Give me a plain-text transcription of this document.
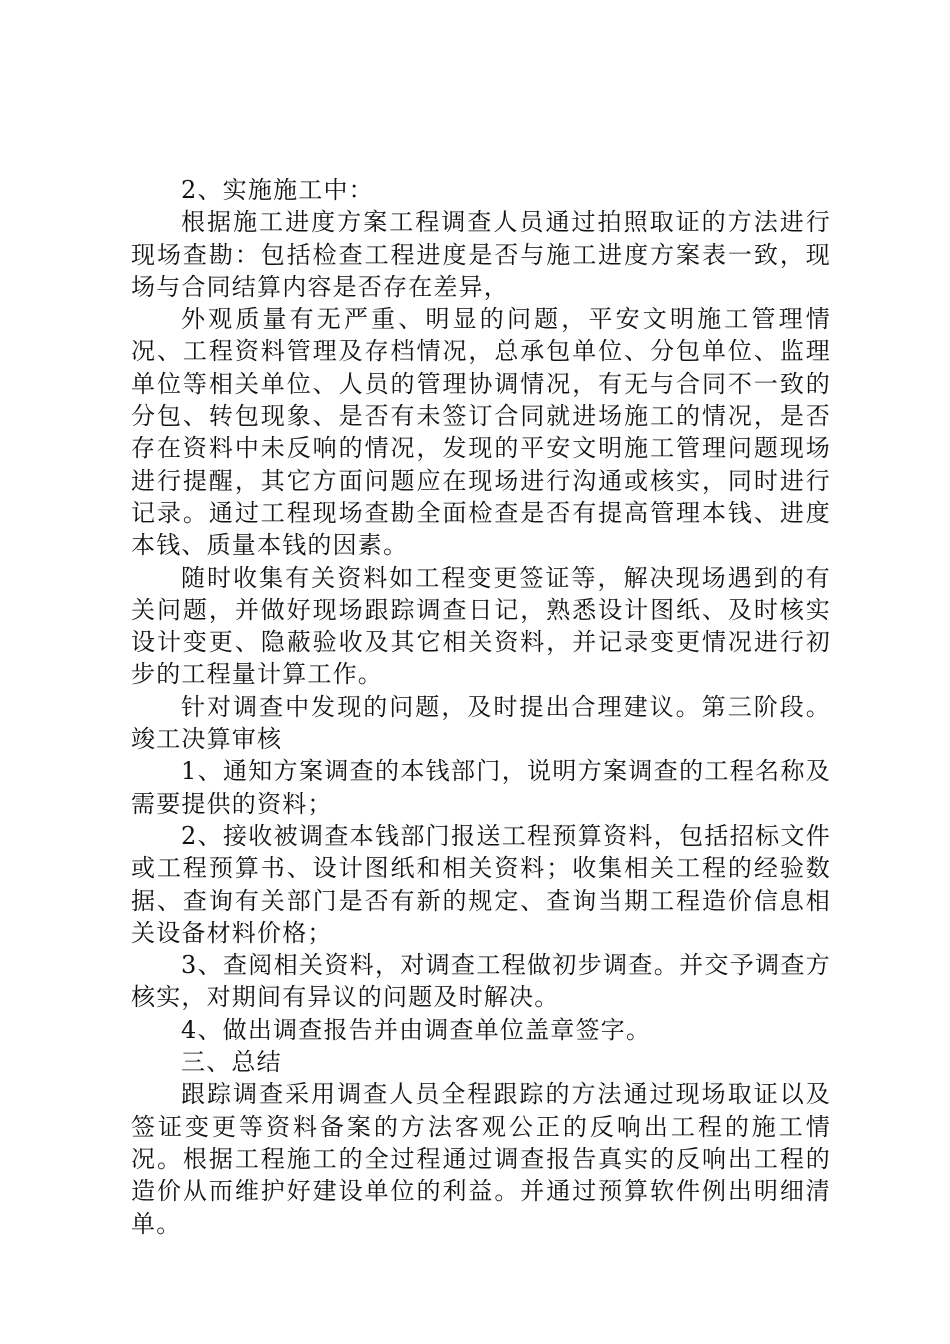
2、实施施工中：

根据施工进度方案工程调查人员通过拍照取证的方法进行现场查勘：包括检查工程进度是否与施工进度方案表一致，现场与合同结算内容是否存在差异，

外观质量有无严重、明显的问题，平安文明施工管理情况、工程资料管理及存档情况，总承包单位、分包单位、监理单位等相关单位、人员的管理协调情况，有无与合同不一致的分包、转包现象、是否有未签订合同就进场施工的情况，是否存在资料中未反响的情况，发现的平安文明施工管理问题现场进行提醒，其它方面问题应在现场进行沟通或核实，同时进行记录。通过工程现场查勘全面检查是否有提高管理本钱、进度本钱、质量本钱的因素。

随时收集有关资料如工程变更签证等，解决现场遇到的有关问题，并做好现场跟踪调查日记，熟悉设计图纸、及时核实设计变更、隐蔽验收及其它相关资料，并记录变更情况进行初步的工程量计算工作。

针对调查中发现的问题，及时提出合理建议。第三阶段。竣工决算审核

1、通知方案调查的本钱部门，说明方案调查的工程名称及需要提供的资料；

2、接收被调查本钱部门报送工程预算资料，包括招标文件或工程预算书、设计图纸和相关资料；收集相关工程的经验数据、查询有关部门是否有新的规定、查询当期工程造价信息相关设备材料价格；

3、查阅相关资料，对调查工程做初步调查。并交予调查方核实，对期间有异议的问题及时解决。

4、做出调查报告并由调查单位盖章签字。

三、总结

跟踪调查采用调查人员全程跟踪的方法通过现场取证以及签证变更等资料备案的方法客观公正的反响出工程的施工情况。根据工程施工的全过程通过调查报告真实的反响出工程的造价从而维护好建设单位的利益。并通过预算软件例出明细清单。
